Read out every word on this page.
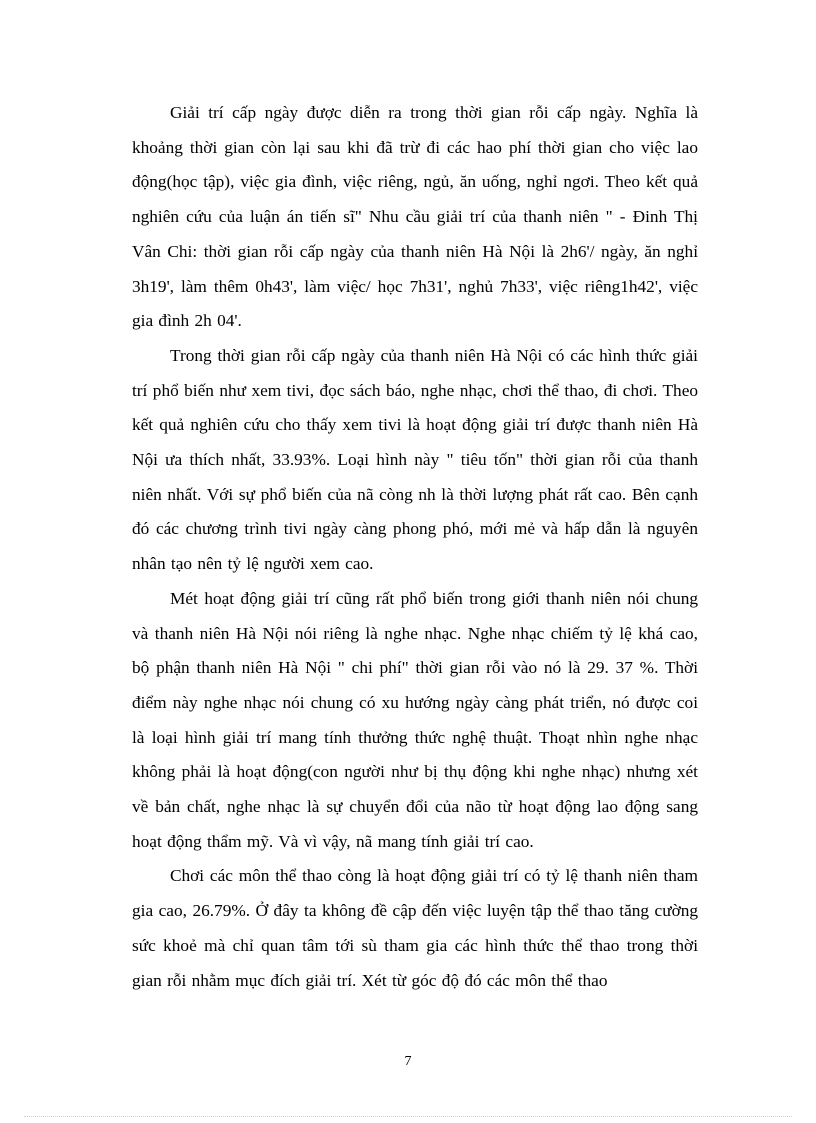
Giải trí cấp ngày được diễn ra trong thời gian rỗi cấp ngày. Nghĩa là khoảng thời gian còn lại sau khi đã trừ đi các hao phí thời gian cho việc lao động(học tập), việc gia đình, việc riêng, ngủ, ăn uống, nghỉ ngơi. Theo kết quả nghiên cứu của luận án tiến sĩ" Nhu cầu giải trí của thanh niên " - Đinh Thị Vân Chi: thời gian rỗi cấp ngày của thanh niên Hà Nội là 2h6'/ ngày, ăn nghỉ 3h19', làm thêm 0h43', làm việc/ học 7h31', nghủ 7h33', việc riêng1h42', việc gia đình 2h 04'.

Trong thời gian rỗi cấp ngày của thanh niên Hà Nội có các hình thức giải trí phổ biến như xem tivi, đọc sách báo, nghe nhạc, chơi thể thao, đi chơi. Theo kết quả nghiên cứu cho thấy xem tivi là hoạt động giải trí được thanh niên Hà Nội ưa thích nhất, 33.93%. Loại hình này " tiêu tốn" thời gian rỗi của thanh niên nhất. Với sự phổ biến của nã còng nh là thời lượng phát rất cao. Bên cạnh đó các chương trình tivi ngày càng phong phó, mới mẻ và hấp dẫn là nguyên nhân tạo nên tỷ lệ người xem cao.

Mét hoạt động giải trí cũng rất phổ biến trong giới thanh niên nói chung và thanh niên Hà Nội nói riêng là nghe nhạc. Nghe nhạc chiếm tỷ lệ khá cao, bộ phận thanh niên Hà Nội " chi phí" thời gian rỗi vào nó là 29. 37 %. Thời điểm này nghe nhạc nói chung có xu hướng ngày càng phát triển, nó được coi là loại hình giải trí mang tính thưởng thức nghệ thuật. Thoạt nhìn nghe nhạc không phải là hoạt động(con người như bị thụ động khi nghe nhạc) nhưng xét về bản chất, nghe nhạc là sự chuyển đổi của não từ hoạt động lao động sang hoạt động thẩm mỹ. Và vì vậy, nã mang tính giải trí cao.

Chơi các môn thể thao còng là hoạt động giải trí có tỷ lệ thanh niên tham gia cao, 26.79%. Ở đây ta không đề cập đến việc luyện tập thể thao tăng cường sức khoẻ mà chỉ quan tâm tới sù tham gia các hình thức thể thao trong thời gian rỗi nhằm mục đích giải trí. Xét từ góc độ đó các môn thể thao

7
